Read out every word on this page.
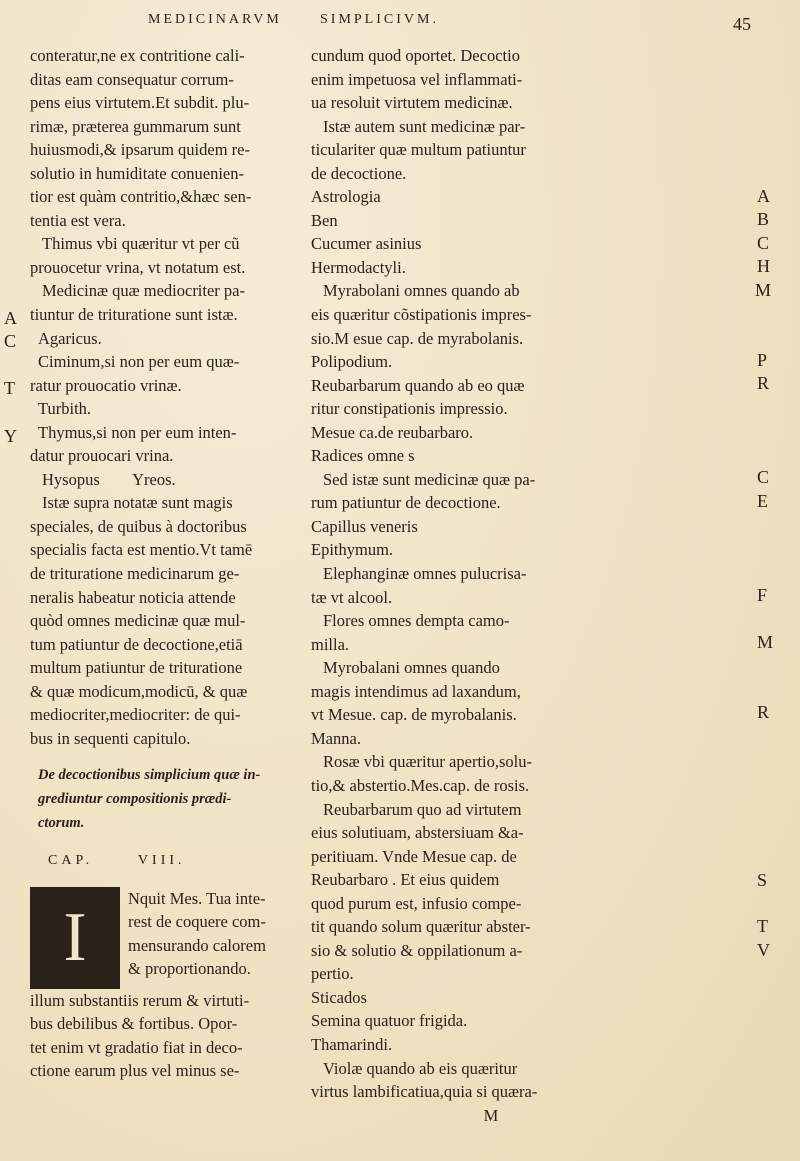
MEDICINARVM	SIMPLICIVM.	45
conteratur,ne ex contritione cali-
ditas eam consequatur corrum-
pens eius virtutem.Et subdit. plu-
rimæ, præterea gummarum sunt
huiusmodi,& ipsarum quidem re-
solutio in humiditate conuenien-
tior est quàm contritio,&hæc sen-
tentia est vera.
Thimus vbi quæritur vt per cũ
prouocetur vrina, vt notatum est.
Medicinæ quæ mediocriter pa-
tiuntur de trituratione sunt istæ.
Agaricus.
Ciminum,si non per eum quæ-
ratur prouocatio vrinæ.
Turbith.
Thymus,si non per eum inten-
datur prouocari vrina.
Hysopus        Yreos.
Istæ supra notatæ sunt magis
speciales, de quibus à doctoribus
specialis facta est mentio.Vt tamē
de trituratione medicinarum ge-
neralis habeatur noticia attende
quòd omnes medicinæ quæ mul-
tum patiuntur de decoctione,etiā
multum patiuntur de trituratione
& quæ modicum,modicū, & quæ
mediocriter,mediocriter: de qui-
bus in sequenti capitulo.
De decoctionibus simplicium quæ in-
grediuntur compositionis prædi-
ctorum.
CAP.      VIII.
I
Nquit Mes. Tua inte-
rest de coquere com-
mensurando calorem
& proportionando.
illum substantiis rerum & virtuti-
bus debilibus & fortibus. Opor-
tet enim vt gradatio fiat in deco-
ctione earum plus vel minus se-
A
C
T
Y
cundum quod oportet. Decoctio
enim impetuosa vel inflammati-
ua resoluit virtutem medicinæ.
Istæ autem sunt medicinæ par-
ticulariter quæ multum patiuntur
de decoctione.
Astrologia
Ben
Cucumer asinius
Hermodactyli.
Myrabolani omnes quando ab
eis quæritur cõstipationis impres-
sio.M esue cap. de myrabolanis.
Polipodium.
Reubarbarum quando ab eo quæ
ritur constipationis impressio.
Mesue ca.de reubarbaro.
Radices omne s
Sed istæ sunt medicinæ quæ pa-
rum patiuntur de decoctione.
Capillus veneris
Epithymum.
Elephanginæ omnes pulucrisa-
tæ vt alcool.
Flores omnes dempta camo-
milla.
Myrobalani omnes quando
magis intendimus ad laxandum,
vt Mesue. cap. de myrobalanis.
Manna.
Rosæ vbi quæritur apertio,solu-
tio,& abstertio.Mes.cap. de rosis.
Reubarbarum quo ad virtutem
eius solutiuam, abstersiuam &a-
peritiuam. Vnde Mesue cap. de
Reubarbaro . Et eius quidem
quod purum est, infusio compe-
tit quando solum quæritur abster-
sio & solutio & oppilationum a-
pertio.
Sticados
Semina quatuor frigida.
Thamarindi.
Violæ quando ab eis quæritur
virtus lambificatiua,quia si quæra-
M
A
B
C
H
M
P
R
C
E
F
M
R
S
T
V
